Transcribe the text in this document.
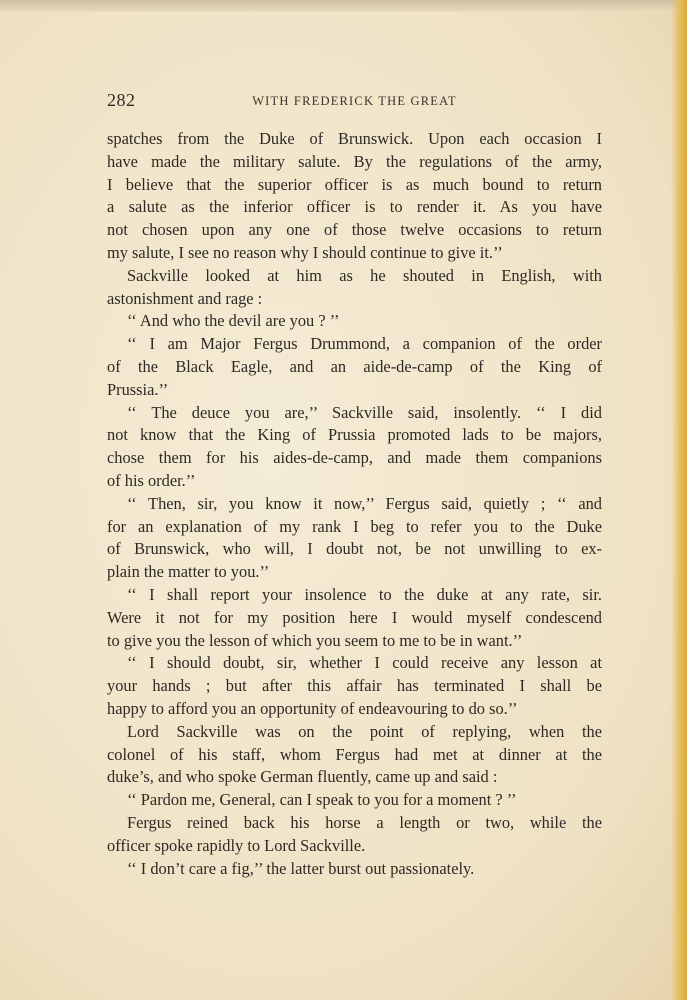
282	WITH FREDERICK THE GREAT
spatches from the Duke of Brunswick. Upon each occasion I
have made the military salute. By the regulations of the army,
I believe that the superior officer is as much bound to return
a salute as the inferior officer is to render it. As you have
not chosen upon any one of those twelve occasions to return
my salute, I see no reason why I should continue to give it.’’
Sackville looked at him as he shouted in English, with
astonishment and rage :
‘‘ And who the devil are you ? ’’
‘‘ I am Major Fergus Drummond, a companion of the order
of the Black Eagle, and an aide-de-camp of the King of
Prussia.’’
‘‘ The deuce you are,’’ Sackville said, insolently. ‘‘ I did
not know that the King of Prussia promoted lads to be majors,
chose them for his aides-de-camp, and made them companions
of his order.’’
‘‘ Then, sir, you know it now,’’ Fergus said, quietly ; ‘‘ and
for an explanation of my rank I beg to refer you to the Duke
of Brunswick, who will, I doubt not, be not unwilling to ex-
plain the matter to you.’’
‘‘ I shall report your insolence to the duke at any rate, sir.
Were it not for my position here I would myself condescend
to give you the lesson of which you seem to me to be in want.’’
‘‘ I should doubt, sir, whether I could receive any lesson at
your hands ; but after this affair has terminated I shall be
happy to afford you an opportunity of endeavouring to do so.’’
Lord Sackville was on the point of replying, when the
colonel of his staff, whom Fergus had met at dinner at the
duke’s, and who spoke German fluently, came up and said :
‘‘ Pardon me, General, can I speak to you for a moment ? ’’
Fergus reined back his horse a length or two, while the
officer spoke rapidly to Lord Sackville.
‘‘ I don’t care a fig,’’ the latter burst out passionately.
